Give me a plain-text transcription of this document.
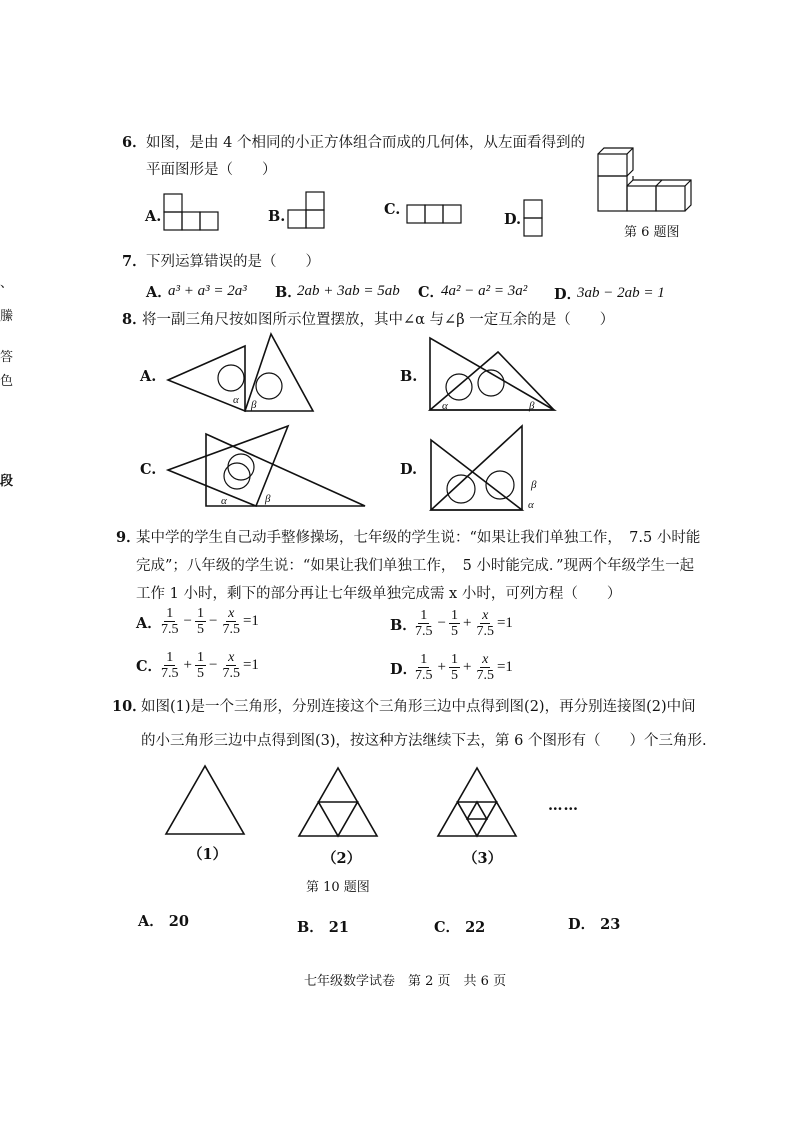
、
縢
答
色
段
6． 如图，是由 4 个相同的小正方体组合而成的几何体，从左面看得到的
平面图形是（　　）
A.	B.	C.
D.
第 6 题图
7． 下列运算错误的是（　　）
A．
a³ + a³ = 2a³ B．
2ab + 3ab = 5ab C．
4a² − a² = 3a² D．
3ab − 2ab = 1
8．
将一副三角尺按如图所示位置摆放，其中∠α 与∠β 一定互余的是（　　）
A.
α β
B.
α	β
C.
α	β
D.
α
β
9．
某中学的学生自己动手整修操场，七年级的学生说：“如果让我们单独工作，　7.5 小时能
完成”；八年级的学生说：“如果让我们单独工作，　5 小时能完成．”现两个年级学生一起
工作 1 小时，剩下的部分再让七年级单独完成需 x 小时，可列方程（　　）
A．
$\frac{1}{7.5} - \frac{1}{5} - \frac{x}{7.5} =1$	B．
$\frac{1}{7.5} - \frac{1}{5} + \frac{x}{7.5} =1$
C．
$\frac{1}{7.5} + \frac{1}{5} - \frac{x}{7.5} =1$	D．
$\frac{1}{7.5} + \frac{1}{5} + \frac{x}{7.5} =1$
10．
如图(1)是一个三角形，分别连接这个三角形三边中点得到图(2)，再分别连接图(2)中间
的小三角形三边中点得到图(3)，按这种方法继续下去，第 6 个图形有（　　）个三角形.
……
（1）	（2）	（3）
第 10 题图
A． 20	B． 21	C． 22	D． 23
七年级数学试卷　第 2 页　共 6 页
